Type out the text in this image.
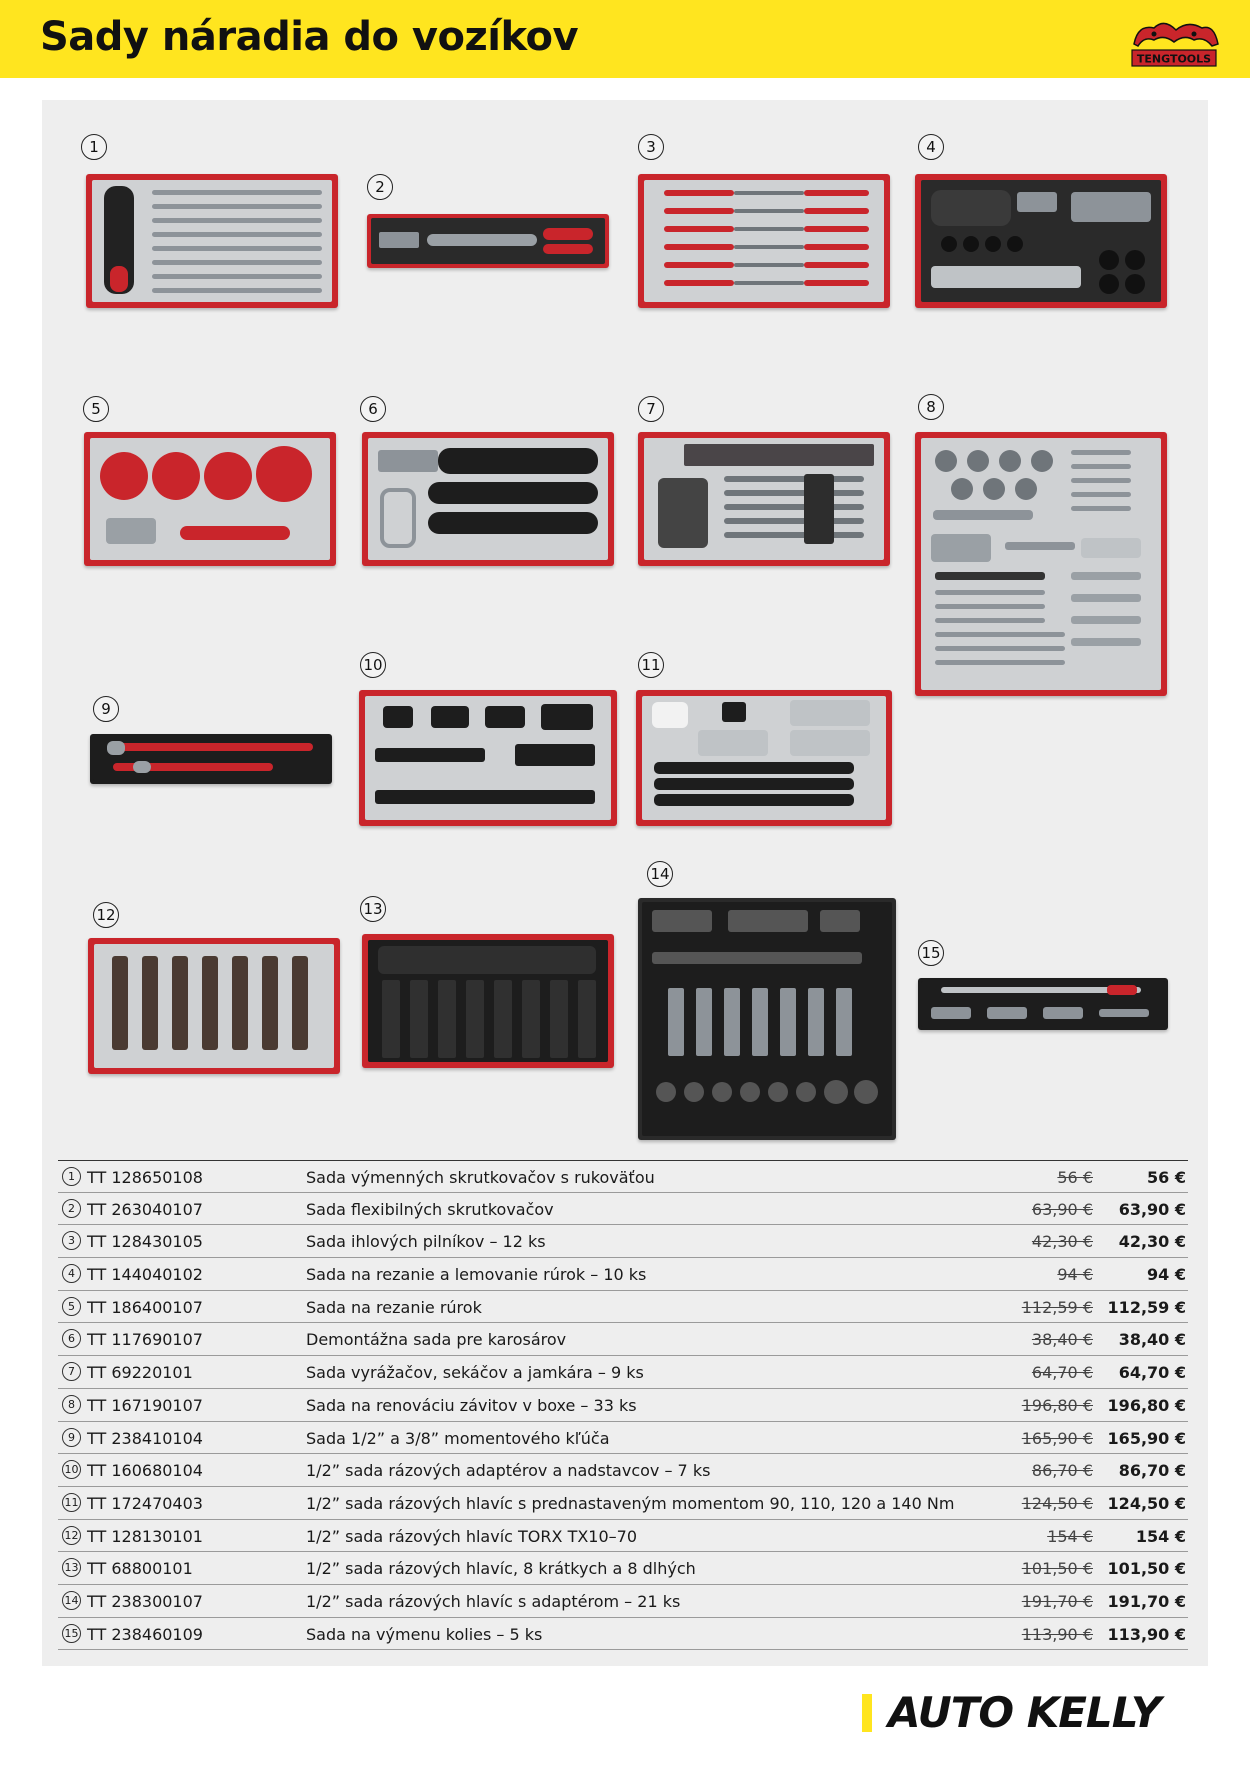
Sady náradia do vozíkov	TENGTOOLS
1
2
3	4
5	6	7	8
9
10	11
12	13
14
15
1 TT 128650108	Sada výmenných skrutkovačov s rukoväťou	56 €	56 €
2 TT 263040107	Sada flexibilných skrutkovačov	63,90 € 63,90 €
3 TT 128430105	Sada ihlových pilníkov – 12 ks	42,30 € 42,30 €
4 TT 144040102	Sada na rezanie a lemovanie rúrok – 10 ks	94 €	94 €
5 TT 186400107	Sada na rezanie rúrok	112,59 € 112,59 €
6 TT 117690107	Demontážna sada pre karosárov	38,40 € 38,40 €
7 TT 69220101	Sada vyrážačov, sekáčov a jamkára – 9 ks	64,70 € 64,70 €
8 TT 167190107	Sada na renováciu závitov v boxe – 33 ks	196,80 € 196,80 €
9 TT 238410104	Sada 1/2” a 3/8” momentového kľúča	165,90 € 165,90 €
10 TT 160680104	1/2” sada rázových adaptérov a nadstavcov – 7 ks	86,70 € 86,70 €
11 TT 172470403	1/2” sada rázových hlavíc s prednastaveným momentom 90, 110, 120 a 140 Nm	124,50 € 124,50 €
12 TT 128130101	1/2” sada rázových hlavíc TORX TX10–70	154 €	154 €
13 TT 68800101	1/2” sada rázových hlavíc, 8 krátkych a 8 dlhých	101,50 € 101,50 €
14 TT 238300107	1/2” sada rázových hlavíc s adaptérom – 21 ks	191,70 € 191,70 €
15 TT 238460109	Sada na výmenu kolies – 5 ks	113,90 € 113,90 €
AUTO KELLY
